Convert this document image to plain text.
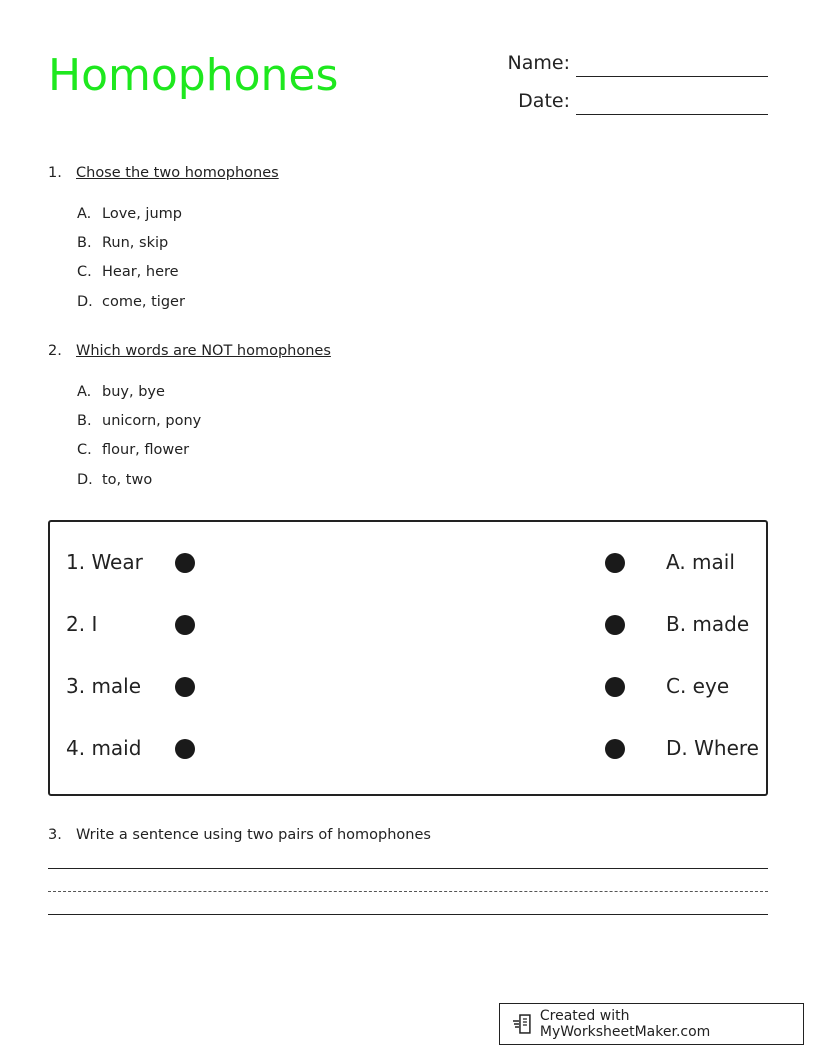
Homophones	Name:
Date:
1. Chose the two homophones
A. Love, jump
B. Run, skip
C. Hear, here
D. come, tiger
2. Which words are NOT homophones
A. buy, bye
B. unicorn, pony
C. flour, flower
D. to, two
1. Wear
2. I
3. male
4. maid
A. mail
B. made
C. eye
D. Where
3. Write a sentence using two pairs of homophones
Created with MyWorksheetMaker.com
